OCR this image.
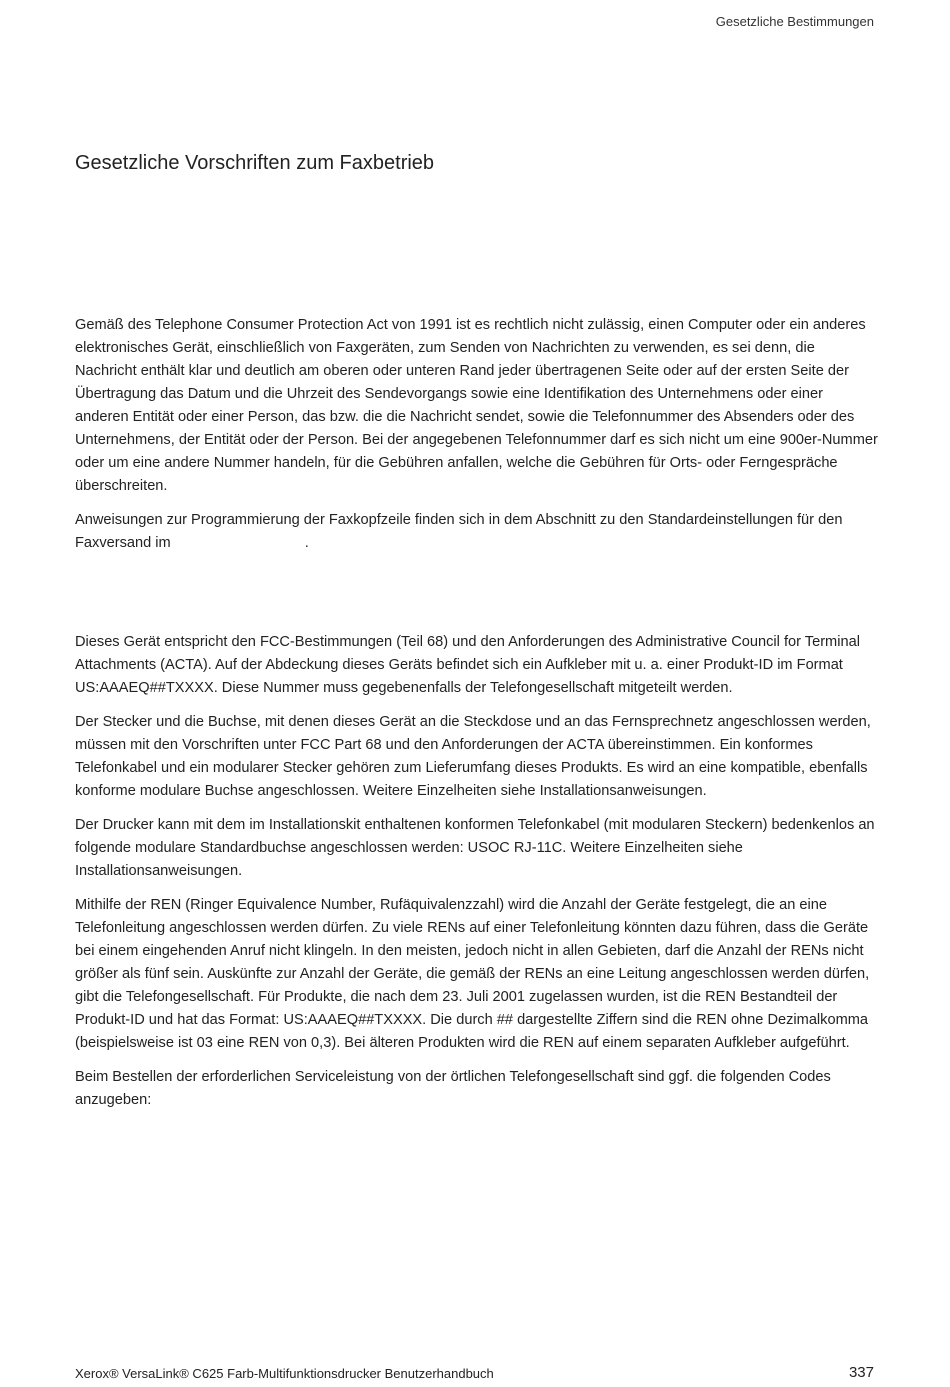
Gesetzliche Bestimmungen
Gesetzliche Vorschriften zum Faxbetrieb

Gemäß des Telephone Consumer Protection Act von 1991 ist es rechtlich nicht zulässig, einen Computer oder ein anderes elektronisches Gerät, einschließlich von Faxgeräten, zum Senden von Nachrichten zu verwenden, es sei denn, die Nachricht enthält klar und deutlich am oberen oder unteren Rand jeder übertragenen Seite oder auf der ersten Seite der Übertragung das Datum und die Uhrzeit des Sendevorgangs sowie eine Identifikation des Unternehmens oder einer anderen Entität oder einer Person, das bzw. die die Nachricht sendet, sowie die Telefonnummer des Absenders oder des Unternehmens, der Entität oder der Person. Bei der angegebenen Telefonnummer darf es sich nicht um eine 900er-Nummer oder um eine andere Nummer handeln, für die Gebühren anfallen, welche die Gebühren für Orts- oder Ferngespräche überschreiten.

Anweisungen zur Programmierung der Faxkopfzeile finden sich in dem Abschnitt zu den Standardeinstellungen für den Faxversand im	.

Dieses Gerät entspricht den FCC-Bestimmungen (Teil 68) und den Anforderungen des Administrative Council for Terminal Attachments (ACTA). Auf der Abdeckung dieses Geräts befindet sich ein Aufkleber mit u. a. einer Produkt-ID im Format US:AAAEQ##TXXXX. Diese Nummer muss gegebenenfalls der Telefongesellschaft mitgeteilt werden.

Der Stecker und die Buchse, mit denen dieses Gerät an die Steckdose und an das Fernsprechnetz angeschlossen werden, müssen mit den Vorschriften unter FCC Part 68 und den Anforderungen der ACTA übereinstimmen. Ein konformes Telefonkabel und ein modularer Stecker gehören zum Lieferumfang dieses Produkts. Es wird an eine kompatible, ebenfalls konforme modulare Buchse angeschlossen. Weitere Einzelheiten siehe Installationsanweisungen.

Der Drucker kann mit dem im Installationskit enthaltenen konformen Telefonkabel (mit modularen Steckern) bedenkenlos an folgende modulare Standardbuchse angeschlossen werden: USOC RJ-11C. Weitere Einzelheiten siehe Installationsanweisungen.

Mithilfe der REN (Ringer Equivalence Number, Rufäquivalenzzahl) wird die Anzahl der Geräte festgelegt, die an eine Telefonleitung angeschlossen werden dürfen. Zu viele RENs auf einer Telefonleitung könnten dazu führen, dass die Geräte bei einem eingehenden Anruf nicht klingeln. In den meisten, jedoch nicht in allen Gebieten, darf die Anzahl der RENs nicht größer als fünf sein. Auskünfte zur Anzahl der Geräte, die gemäß der RENs an eine Leitung angeschlossen werden dürfen, gibt die Telefongesellschaft. Für Produkte, die nach dem 23. Juli 2001 zugelassen wurden, ist die REN Bestandteil der Produkt-ID und hat das Format: US:AAAEQ##TXXXX. Die durch ## dargestellte Ziffern sind die REN ohne Dezimalkomma (beispielsweise ist 03 eine REN von 0,3). Bei älteren Produkten wird die REN auf einem separaten Aufkleber aufgeführt.

Beim Bestellen der erforderlichen Serviceleistung von der örtlichen Telefongesellschaft sind ggf. die folgenden Codes anzugeben:

Xerox® VersaLink® C625 Farb-Multifunktionsdrucker Benutzerhandbuch	337
